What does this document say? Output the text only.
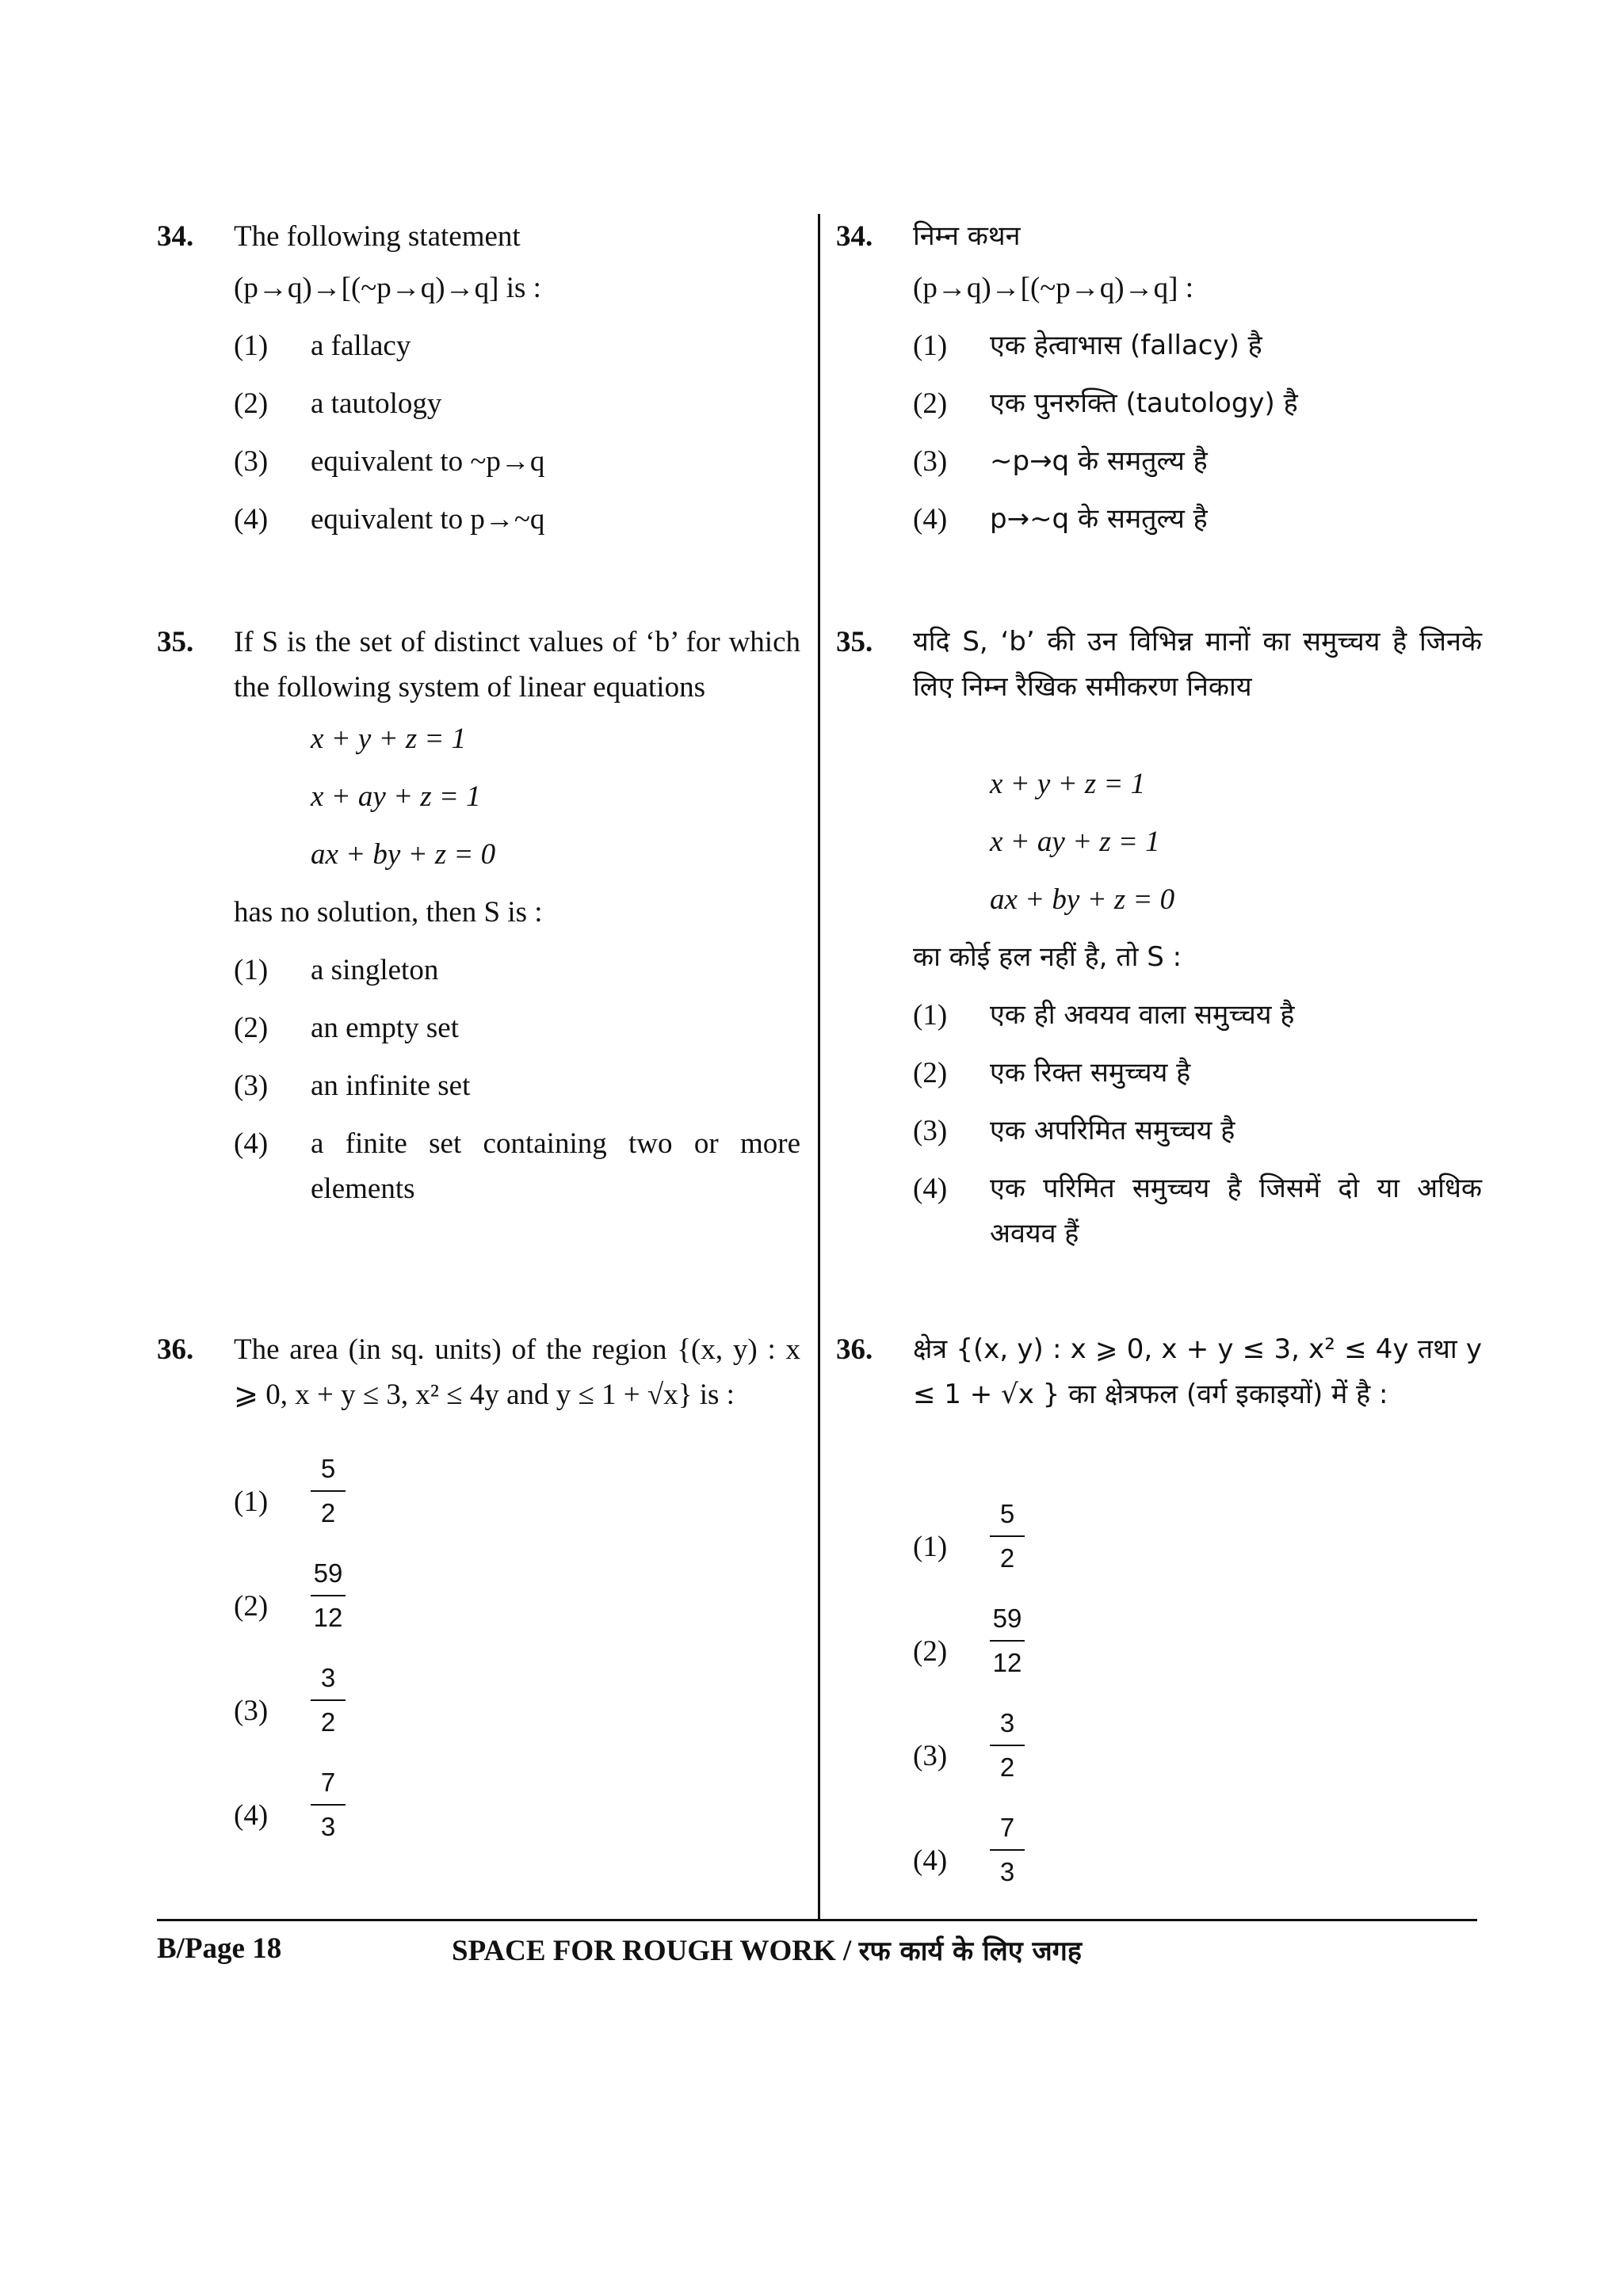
34. The following statement
(p→q)→[(~p→q)→q] is :
(1) a fallacy
(2) a tautology
(3) equivalent to ~p→q
(4) equivalent to p→~q
35. If S is the set of distinct values of ‘b’ for which the following system of linear equations
x + y + z = 1
x + ay + z = 1
ax + by + z = 0
has no solution, then S is :
(1) a singleton
(2) an empty set
(3) an infinite set
(4) a finite set containing two or more elements
36. The area (in sq. units) of the region {(x, y) : x ⩾ 0, x + y ≤ 3, x² ≤ 4y and y ≤ 1 + √x} is :
(1)
5
2
(2)
59
12
(3)
3
2
(4)
7
3
34. निम्न कथन
(p→q)→[(~p→q)→q] :
(1) एक हेत्वाभास (fallacy) है
(2) एक पुनरुक्ति (tautology) है
(3) ~p→q के समतुल्य है
(4) p→~q के समतुल्य है
35. यदि S, ‘b’ की उन विभिन्न मानों का समुच्चय है जिनके लिए निम्न रैखिक समीकरण निकाय
x + y + z = 1
x + ay + z = 1
ax + by + z = 0
का कोई हल नहीं है, तो S :
(1) एक ही अवयव वाला समुच्चय है
(2) एक रिक्त समुच्चय है
(3) एक अपरिमित समुच्चय है
(4) एक परिमित समुच्चय है जिसमें दो या अधिक अवयव हैं
36. क्षेत्र {(x, y) : x ⩾ 0, x + y ≤ 3, x² ≤ 4y तथा y ≤ 1 + √x } का क्षेत्रफल (वर्ग इकाइयों) में है :
(1)
5
2
(2)
59
12
(3)
3
2
(4)
7
3
B/Page 18	SPACE FOR ROUGH WORK / रफ कार्य के लिए जगह
